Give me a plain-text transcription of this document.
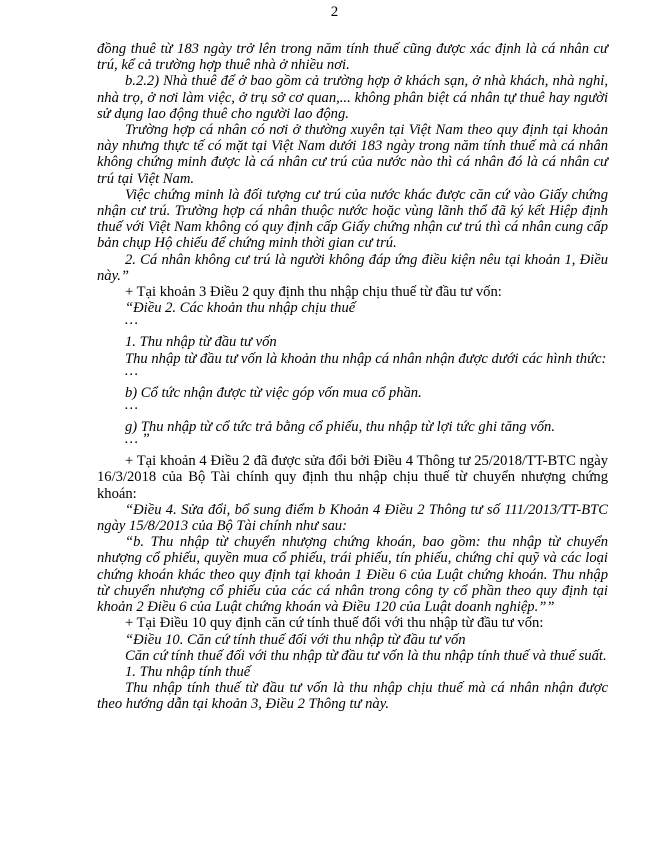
2

đồng thuê từ 183 ngày trở lên trong năm tính thuế cũng được xác định là cá nhân cư trú, kể cả trường hợp thuê nhà ở nhiều nơi.

b.2.2) Nhà thuê để ở bao gồm cả trường hợp ở khách sạn, ở nhà khách, nhà nghỉ, nhà trọ, ở nơi làm việc, ở trụ sở cơ quan,... không phân biệt cá nhân tự thuê hay người sử dụng lao động thuê cho người lao động.

Trường hợp cá nhân có nơi ở thường xuyên tại Việt Nam theo quy định tại khoản này nhưng thực tế có mặt tại Việt Nam dưới 183 ngày trong năm tính thuế mà cá nhân không chứng minh được là cá nhân cư trú của nước nào thì cá nhân đó là cá nhân cư trú tại Việt Nam.

Việc chứng minh là đối tượng cư trú của nước khác được căn cứ vào Giấy chứng nhận cư trú. Trường hợp cá nhân thuộc nước hoặc vùng lãnh thổ đã ký kết Hiệp định thuế với Việt Nam không có quy định cấp Giấy chứng nhận cư trú thì cá nhân cung cấp bản chụp Hộ chiếu để chứng minh thời gian cư trú.

2. Cá nhân không cư trú là người không đáp ứng điều kiện nêu tại khoản 1, Điều này.”

+ Tại khoản 3 Điều 2 quy định thu nhập chịu thuế từ đầu tư vốn:

“Điều 2. Các khoản thu nhập chịu thuế

…

1. Thu nhập từ đầu tư vốn

Thu nhập từ đầu tư vốn là khoản thu nhập cá nhân nhận được dưới các hình thức:

…

b) Cổ tức nhận được từ việc góp vốn mua cổ phần.

…

g) Thu nhập từ cổ tức trả bằng cổ phiếu, thu nhập từ lợi tức ghi tăng vốn.

… ”

+ Tại khoản 4 Điều 2 đã được sửa đổi bởi Điều 4 Thông tư 25/2018/TT-BTC ngày 16/3/2018 của Bộ Tài chính quy định thu nhập chịu thuế từ chuyển nhượng chứng khoán:

“Điều 4. Sửa đổi, bổ sung điểm b Khoản 4 Điều 2 Thông tư số 111/2013/TT-BTC ngày 15/8/2013 của Bộ Tài chính như sau:

“b. Thu nhập từ chuyển nhượng chứng khoán, bao gồm: thu nhập từ chuyển nhượng cổ phiếu, quyền mua cổ phiếu, trái phiếu, tín phiếu, chứng chỉ quỹ và các loại chứng khoán khác theo quy định tại khoản 1 Điều 6 của Luật chứng khoán. Thu nhập từ chuyển nhượng cổ phiếu của các cá nhân trong công ty cổ phần theo quy định tại khoản 2 Điều 6 của Luật chứng khoán và Điều 120 của Luật doanh nghiệp.””

+ Tại Điều 10 quy định căn cứ tính thuế đối với thu nhập từ đầu tư vốn:

“Điều 10. Căn cứ tính thuế đối với thu nhập từ đầu tư vốn

Căn cứ tính thuế đối với thu nhập từ đầu tư vốn là thu nhập tính thuế và thuế suất.

1. Thu nhập tính thuế

Thu nhập tính thuế từ đầu tư vốn là thu nhập chịu thuế mà cá nhân nhận được theo hướng dẫn tại khoản 3, Điều 2 Thông tư này.
